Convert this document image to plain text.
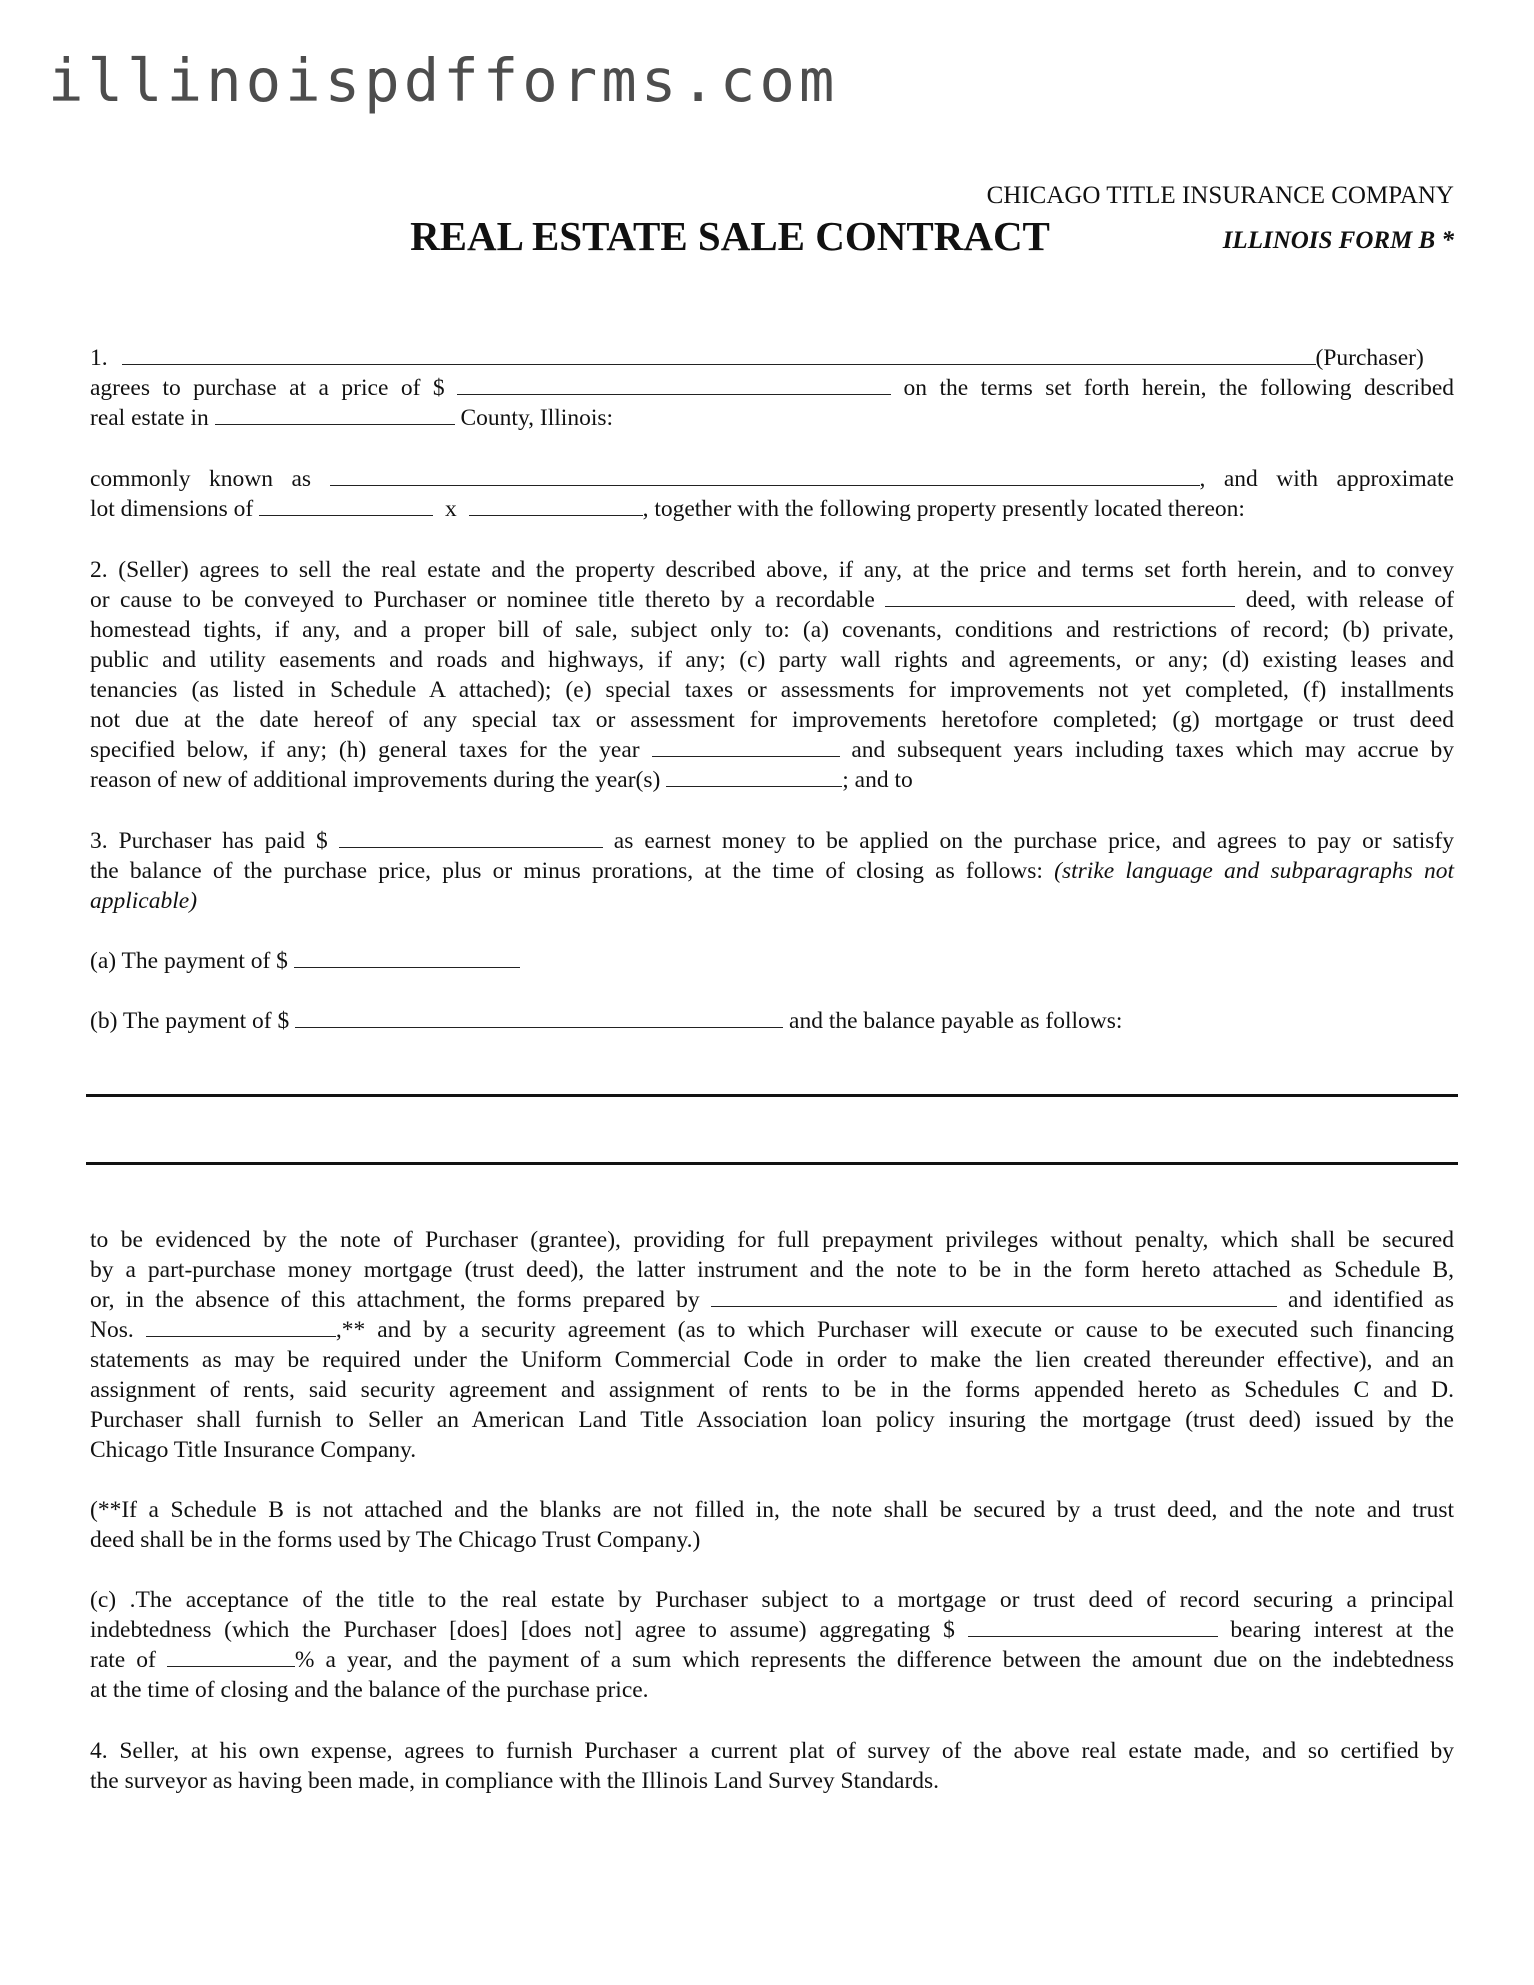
illinoispdfforms.com
CHICAGO TITLE INSURANCE COMPANY
REAL ESTATE SALE CONTRACT	ILLINOIS FORM B *
1.	(Purchaser)
agrees to purchase at a price of $	on the terms set forth herein, the following described
real estate in	County, Illinois:
commonly known as	, and with approximate
lot dimensions of	x	, together with the following property presently located thereon:
2. (Seller) agrees to sell the real estate and the property described above, if any, at the price and terms set forth herein, and to convey
or cause to be conveyed to Purchaser or nominee title thereto by a recordable	deed, with release of
homestead tights, if any, and a proper bill of sale, subject only to: (a) covenants, conditions and restrictions of record; (b) private,
public and utility easements and roads and highways, if any; (c) party wall rights and agreements, or any; (d) existing leases and
tenancies (as listed in Schedule A attached); (e) special taxes or assessments for improvements not yet completed, (f) installments
not due at the date hereof of any special tax or assessment for improvements heretofore completed; (g) mortgage or trust deed
specified below, if any; (h) general taxes for the year	and subsequent years including taxes which may accrue by
reason of new of additional improvements during the year(s)	; and to
3. Purchaser has paid $	as earnest money to be applied on the purchase price, and agrees to pay or satisfy
the balance of the purchase price, plus or minus prorations, at the time of closing as follows: (strike language and subparagraphs not
applicable)
(a) The payment of $
(b) The payment of $	and the balance payable as follows:
to be evidenced by the note of Purchaser (grantee), providing for full prepayment privileges without penalty, which shall be secured
by a part-purchase money mortgage (trust deed), the latter instrument and the note to be in the form hereto attached as Schedule B,
or, in the absence of this attachment, the forms prepared by	and identified as
Nos.	,** and by a security agreement (as to which Purchaser will execute or cause to be executed such financing
statements as may be required under the Uniform Commercial Code in order to make the lien created thereunder effective), and an
assignment of rents, said security agreement and assignment of rents to be in the forms appended hereto as Schedules C and D.
Purchaser shall furnish to Seller an American Land Title Association loan policy insuring the mortgage (trust deed) issued by the
Chicago Title Insurance Company.
(**If a Schedule B is not attached and the blanks are not filled in, the note shall be secured by a trust deed, and the note and trust
deed shall be in the forms used by The Chicago Trust Company.)
(c) .The acceptance of the title to the real estate by Purchaser subject to a mortgage or trust deed of record securing a principal
indebtedness (which the Purchaser [does] [does not] agree to assume) aggregating $	bearing interest at the
rate of	% a year, and the payment of a sum which represents the difference between the amount due on the indebtedness
at the time of closing and the balance of the purchase price.
4. Seller, at his own expense, agrees to furnish Purchaser a current plat of survey of the above real estate made, and so certified by
the surveyor as having been made, in compliance with the Illinois Land Survey Standards.
